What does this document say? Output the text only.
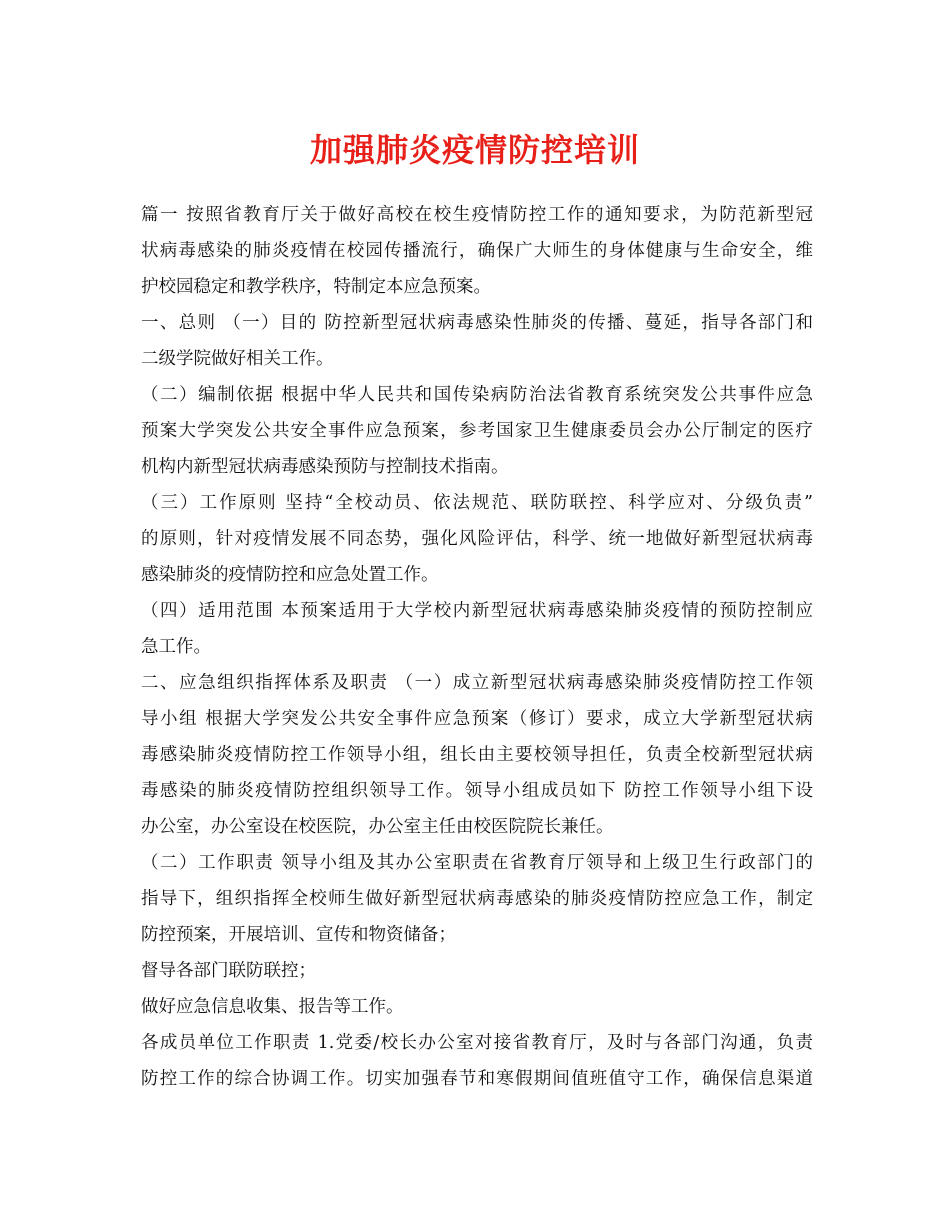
加强肺炎疫情防控培训
篇一 按照省教育厅关于做好高校在校生疫情防控工作的通知要求，为防范新型冠
状病毒感染的肺炎疫情在校园传播流行，确保广大师生的身体健康与生命安全，维
护校园稳定和教学秩序，特制定本应急预案。
一、总则 （一）目的 防控新型冠状病毒感染性肺炎的传播、蔓延，指导各部门和
二级学院做好相关工作。
（二）编制依据 根据中华人民共和国传染病防治法省教育系统突发公共事件应急
预案大学突发公共安全事件应急预案，参考国家卫生健康委员会办公厅制定的医疗
机构内新型冠状病毒感染预防与控制技术指南。
（三）工作原则 坚持“全校动员、依法规范、联防联控、科学应对、分级负责”
的原则，针对疫情发展不同态势，强化风险评估，科学、统一地做好新型冠状病毒
感染肺炎的疫情防控和应急处置工作。
（四）适用范围 本预案适用于大学校内新型冠状病毒感染肺炎疫情的预防控制应
急工作。
二、应急组织指挥体系及职责 （一）成立新型冠状病毒感染肺炎疫情防控工作领
导小组 根据大学突发公共安全事件应急预案（修订）要求，成立大学新型冠状病
毒感染肺炎疫情防控工作领导小组，组长由主要校领导担任，负责全校新型冠状病
毒感染的肺炎疫情防控组织领导工作。领导小组成员如下 防控工作领导小组下设
办公室，办公室设在校医院，办公室主任由校医院院长兼任。
（二）工作职责 领导小组及其办公室职责在省教育厅领导和上级卫生行政部门的
指导下，组织指挥全校师生做好新型冠状病毒感染的肺炎疫情防控应急工作，制定
防控预案，开展培训、宣传和物资储备；
督导各部门联防联控；
做好应急信息收集、报告等工作。
各成员单位工作职责 1.党委/校长办公室对接省教育厅，及时与各部门沟通，负责
防控工作的综合协调工作。切实加强春节和寒假期间值班值守工作，确保信息渠道
